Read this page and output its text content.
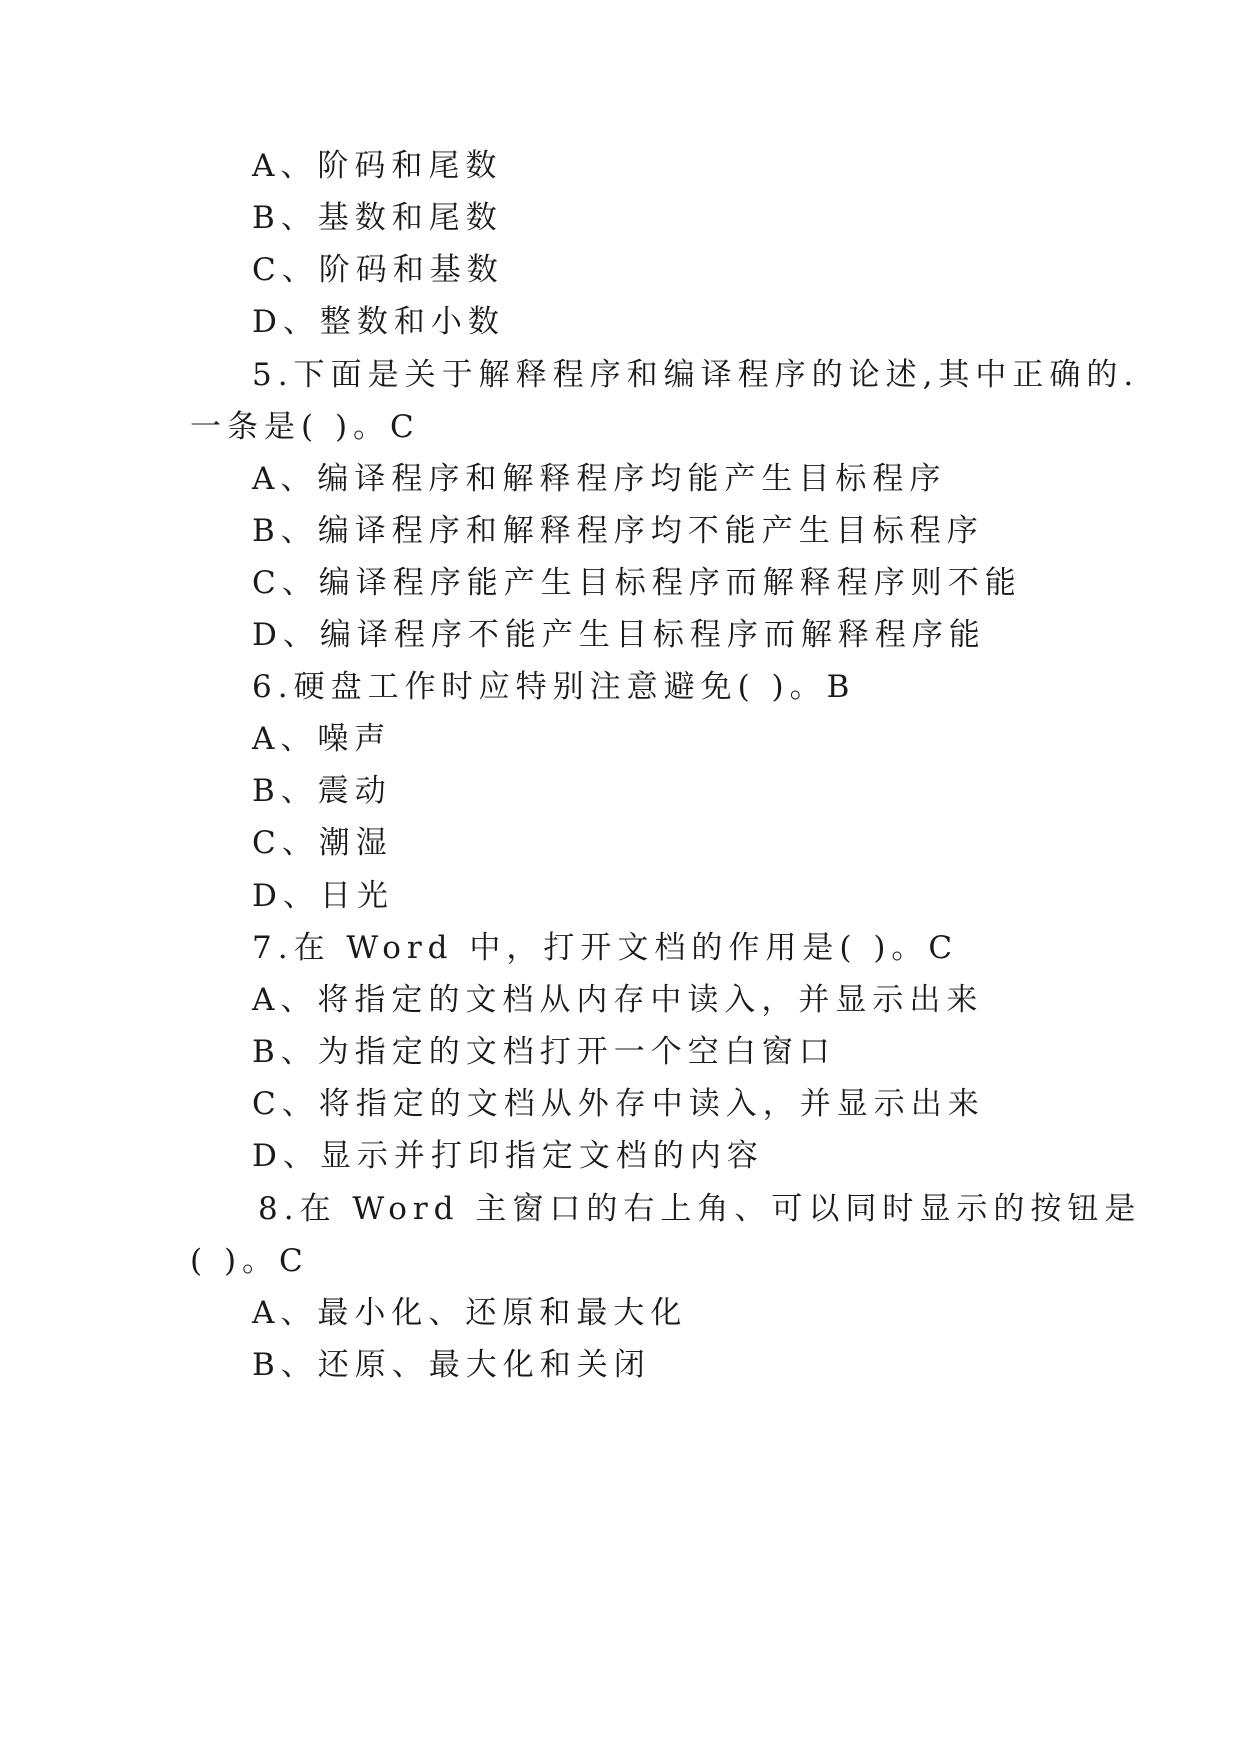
A、阶码和尾数
B、基数和尾数
C、阶码和基数
D、整数和小数
5.下面是关于解释程序和编译程序的论述,其中正确的.
一条是( )。C
A、编译程序和解释程序均能产生目标程序
B、编译程序和解释程序均不能产生目标程序
C、编译程序能产生目标程序而解释程序则不能
D、编译程序不能产生目标程序而解释程序能
6.硬盘工作时应特别注意避免( )。B
A、噪声
B、震动
C、潮湿
D、日光
7.在 Word 中，打开文档的作用是( )。C
A、将指定的文档从内存中读入，并显示出来
B、为指定的文档打开一个空白窗口
C、将指定的文档从外存中读入，并显示出来
D、显示并打印指定文档的内容
8.在 Word 主窗口的右上角、可以同时显示的按钮是
( )。C
A、最小化、还原和最大化
B、还原、最大化和关闭
